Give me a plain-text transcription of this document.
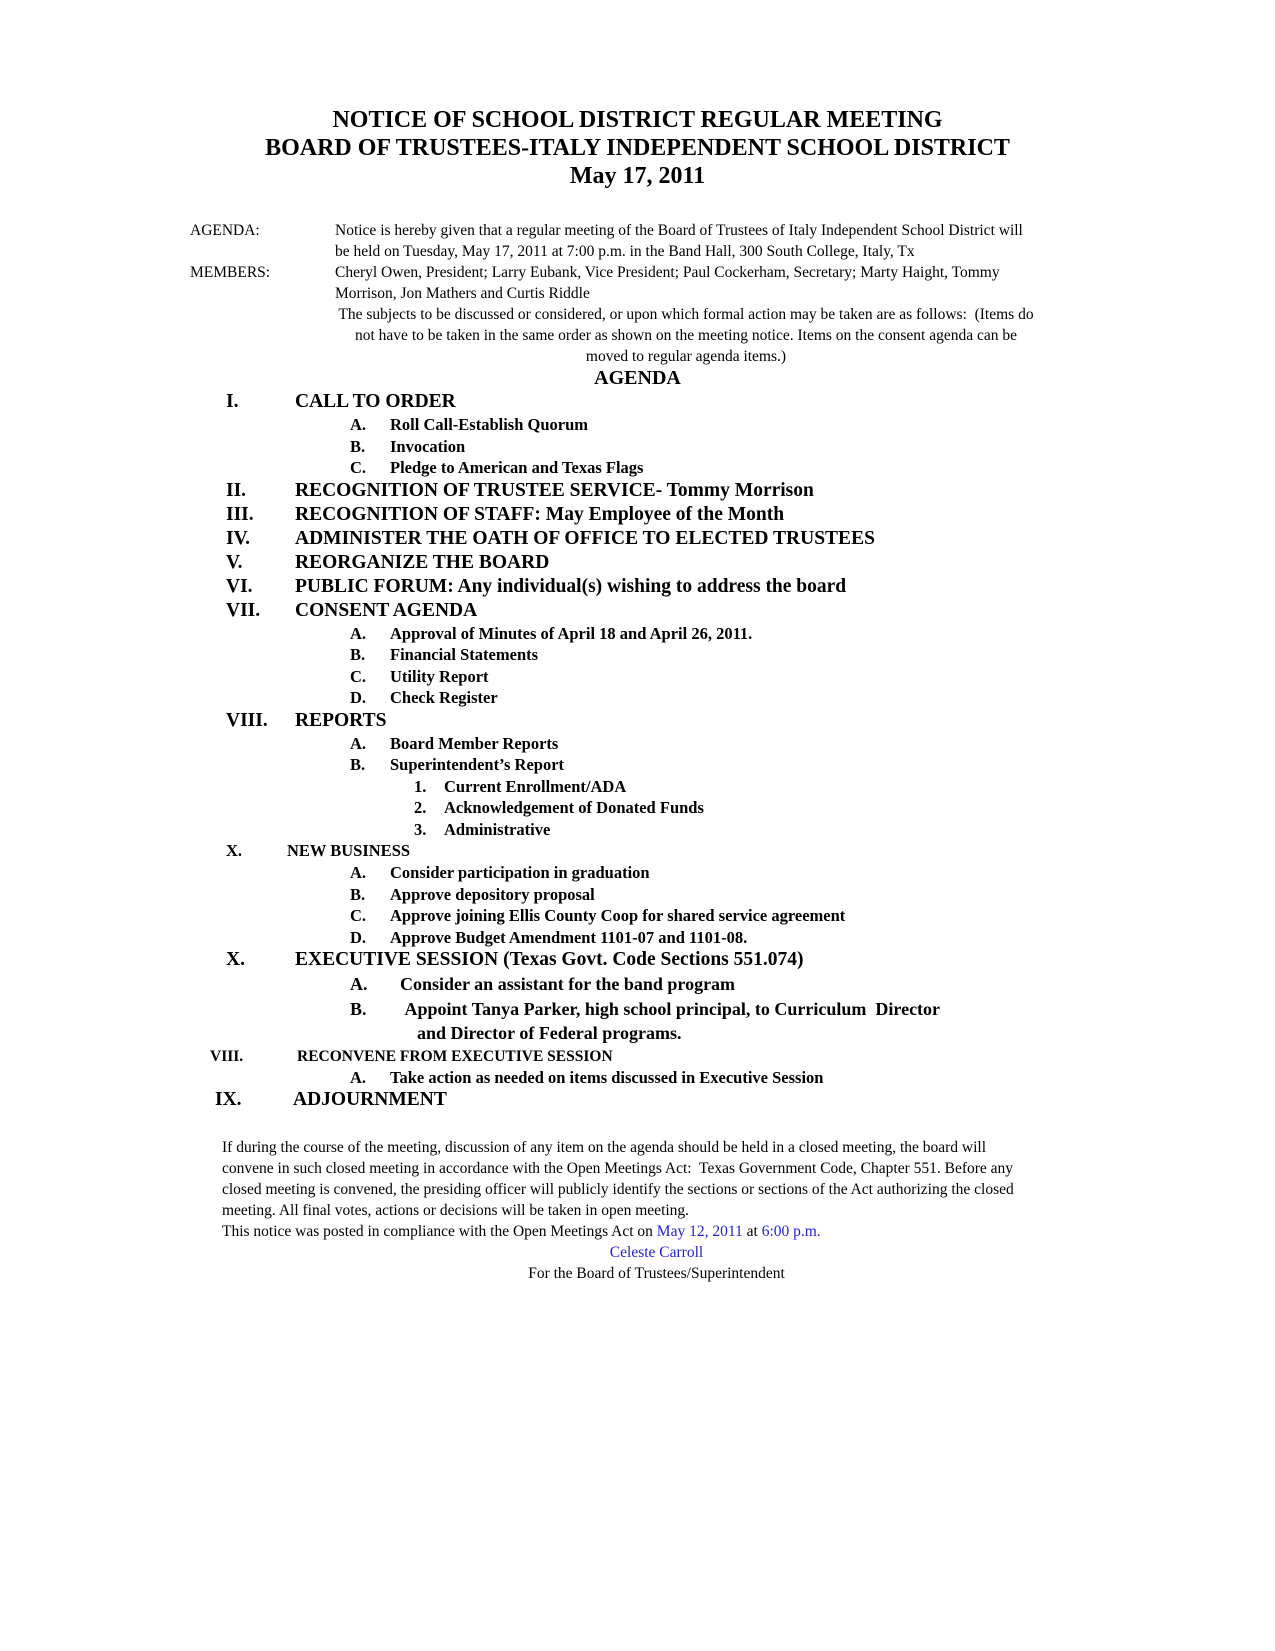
NOTICE OF SCHOOL DISTRICT REGULAR MEETING
BOARD OF TRUSTEES-ITALY INDEPENDENT SCHOOL DISTRICT
May 17, 2011
AGENDA:	Notice is hereby given that a regular meeting of the Board of Trustees of Italy Independent School District will
be held on Tuesday, May 17, 2011 at 7:00 p.m. in the Band Hall, 300 South College, Italy, Tx
MEMBERS:	Cheryl Owen, President; Larry Eubank, Vice President; Paul Cockerham, Secretary; Marty Haight, Tommy
Morrison, Jon Mathers and Curtis Riddle
The subjects to be discussed or considered, or upon which formal action may be taken are as follows:  (Items do
not have to be taken in the same order as shown on the meeting notice. Items on the consent agenda can be
moved to regular agenda items.)
AGENDA
I.	CALL TO ORDER
A. Roll Call-Establish Quorum
B. Invocation
C. Pledge to American and Texas Flags
II.	RECOGNITION OF TRUSTEE SERVICE- Tommy Morrison
III. RECOGNITION OF STAFF: May Employee of the Month
IV. ADMINISTER THE OATH OF OFFICE TO ELECTED TRUSTEES
V.	REORGANIZE THE BOARD
VI. PUBLIC FORUM: Any individual(s) wishing to address the board
VII. CONSENT AGENDA
A. Approval of Minutes of April 18 and April 26, 2011.
B. Financial Statements
C. Utility Report
D. Check Register
VIII. REPORTS
A. Board Member Reports
B. Superintendent’s Report
1. Current Enrollment/ADA
2. Acknowledgement of Donated Funds
3. Administrative
X.	NEW BUSINESS
A. Consider participation in graduation
B. Approve depository proposal
C. Approve joining Ellis County Coop for shared service agreement
D. Approve Budget Amendment 1101-07 and 1101-08.
X.	EXECUTIVE SESSION (Texas Govt. Code Sections 551.074)
A. Consider an assistant for the band program
B. Appoint Tanya Parker, high school principal, to Curriculum  Director
and Director of Federal programs.
VIII.	RECONVENE FROM EXECUTIVE SESSION
A. Take action as needed on items discussed in Executive Session
IX.	ADJOURNMENT
If during the course of the meeting, discussion of any item on the agenda should be held in a closed meeting, the board will
convene in such closed meeting in accordance with the Open Meetings Act:  Texas Government Code, Chapter 551. Before any
closed meeting is convened, the presiding officer will publicly identify the sections or sections of the Act authorizing the closed
meeting. All final votes, actions or decisions will be taken in open meeting.
This notice was posted in compliance with the Open Meetings Act on May 12, 2011 at 6:00 p.m.
Celeste Carroll
For the Board of Trustees/Superintendent
